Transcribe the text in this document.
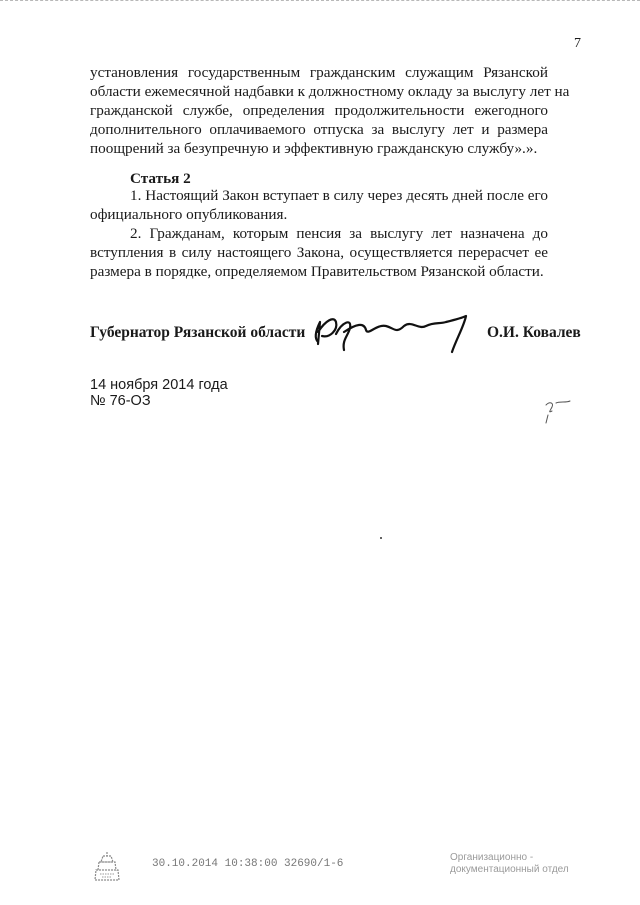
7
установления государственным гражданским служащим Рязанской
области ежемесячной надбавки к должностному окладу за выслугу лет на
гражданской службе, определения продолжительности ежегодного
дополнительного оплачиваемого отпуска за выслугу лет и размера
поощрений за безупречную и эффективную гражданскую службу».».
Статья 2
1. Настоящий Закон вступает в силу через десять дней после его
официального опубликования.
2. Гражданам, которым пенсия за выслугу лет назначена до
вступления в силу настоящего Закона, осуществляется перерасчет ее
размера в порядке, определяемом Правительством Рязанской области.
Губернатор Рязанской области	О.И. Ковалев
14 ноября 2014 года
№ 76-ОЗ
30.10.2014 10:38:00 32690/1-6
Организационно -
документационный отдел
